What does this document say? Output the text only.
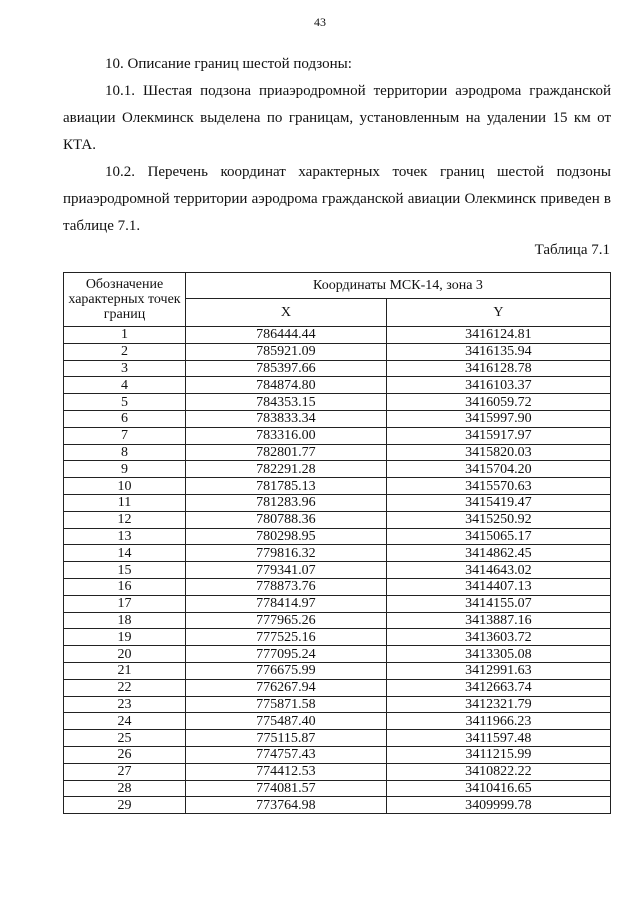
43

10. Описание границ шестой подзоны:

10.1. Шестая подзона приаэродромной территории аэродрома гражданской авиации Олекминск выделена по границам, установленным на удалении 15 км от КТА.

10.2. Перечень координат характерных точек границ шестой подзоны приаэродромной территории аэродрома гражданской авиации Олекминск приведен в таблице 7.1.

Таблица 7.1
Обозначение характерных точек границ	Координаты МСК-14, зона 3	
	X	Y
1	786444.44	3416124.81
2	785921.09	3416135.94
3	785397.66	3416128.78
4	784874.80	3416103.37
5	784353.15	3416059.72
6	783833.34	3415997.90
7	783316.00	3415917.97
8	782801.77	3415820.03
9	782291.28	3415704.20
10	781785.13	3415570.63
11	781283.96	3415419.47
12	780788.36	3415250.92
13	780298.95	3415065.17
14	779816.32	3414862.45
15	779341.07	3414643.02
16	778873.76	3414407.13
17	778414.97	3414155.07
18	777965.26	3413887.16
19	777525.16	3413603.72
20	777095.24	3413305.08
21	776675.99	3412991.63
22	776267.94	3412663.74
23	775871.58	3412321.79
24	775487.40	3411966.23
25	775115.87	3411597.48
26	774757.43	3411215.99
27	774412.53	3410822.22
28	774081.57	3410416.65
29	773764.98	3409999.78
